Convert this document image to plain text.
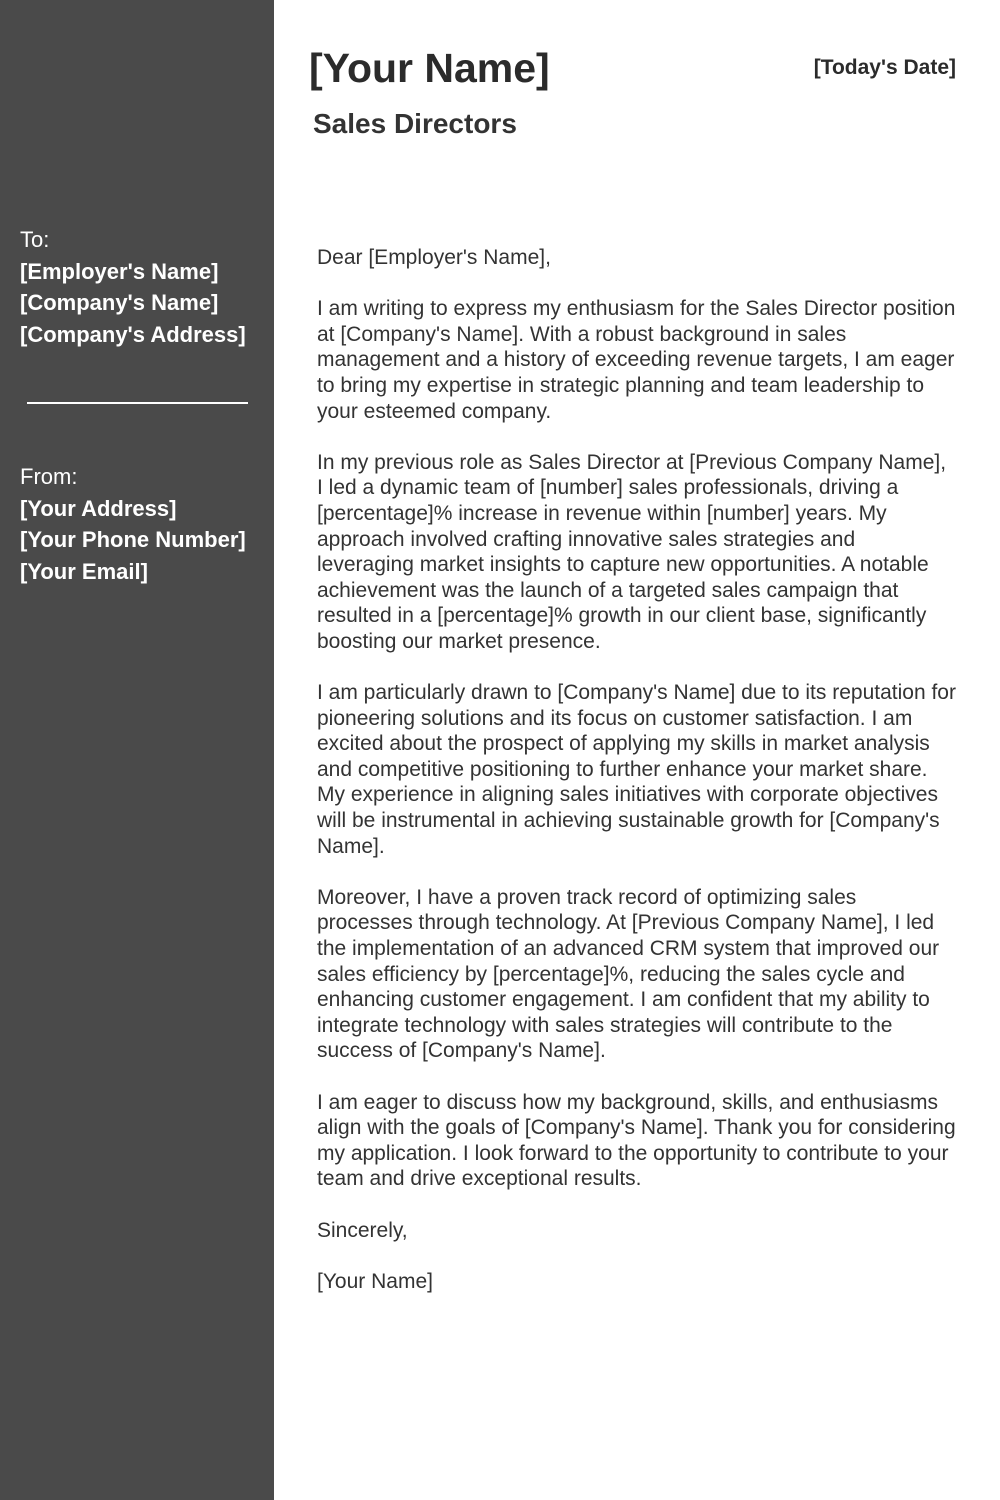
To:
[Employer's Name]
[Company's Name]
[Company's Address]
From:
[Your Address]
[Your Phone Number]
[Your Email]
[Your Name]	[Today's Date]
Sales Directors

Dear [Employer's Name],

I am writing to express my enthusiasm for the Sales Director position at [Company's Name]. With a robust background in sales management and a history of exceeding revenue targets, I am eager to bring my expertise in strategic planning and team leadership to your esteemed company.

In my previous role as Sales Director at [Previous Company Name], I led a dynamic team of [number] sales professionals, driving a [percentage]% increase in revenue within [number] years. My approach involved crafting innovative sales strategies and leveraging market insights to capture new opportunities. A notable achievement was the launch of a targeted sales campaign that resulted in a [percentage]% growth in our client base, significantly boosting our market presence.

I am particularly drawn to [Company's Name] due to its reputation for pioneering solutions and its focus on customer satisfaction. I am excited about the prospect of applying my skills in market analysis and competitive positioning to further enhance your market share. My experience in aligning sales initiatives with corporate objectives will be instrumental in achieving sustainable growth for [Company's Name].

Moreover, I have a proven track record of optimizing sales processes through technology. At [Previous Company Name], I led the implementation of an advanced CRM system that improved our sales efficiency by [percentage]%, reducing the sales cycle and enhancing customer engagement. I am confident that my ability to integrate technology with sales strategies will contribute to the success of [Company's Name].

I am eager to discuss how my background, skills, and enthusiasms align with the goals of [Company's Name]. Thank you for considering my application. I look forward to the opportunity to contribute to your team and drive exceptional results.

Sincerely,

[Your Name]
